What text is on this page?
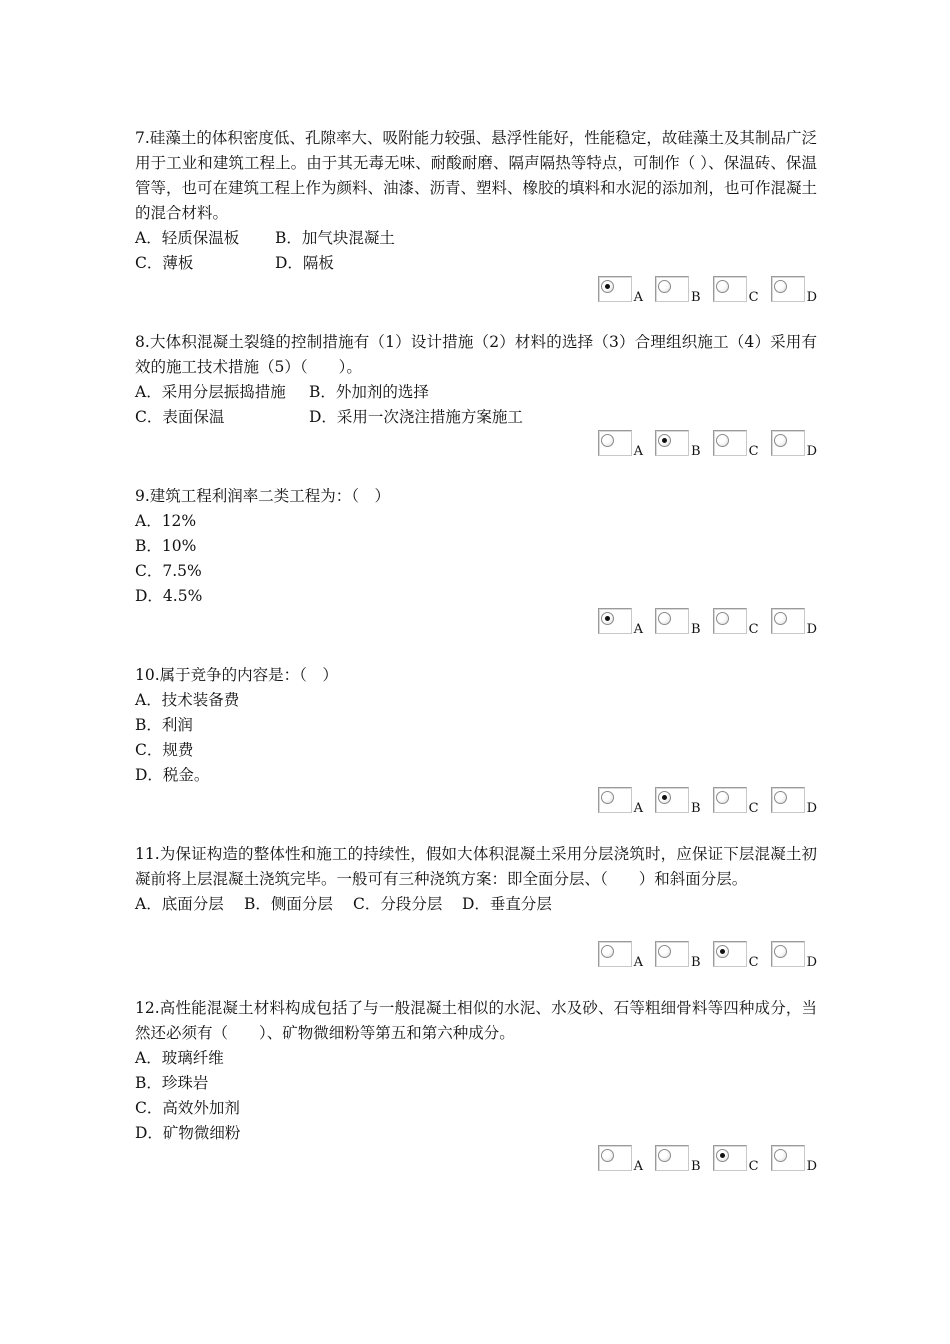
7.硅藻土的体积密度低、孔隙率大、吸附能力较强、悬浮性能好，性能稳定，故硅藻土及其制品广泛用于工业和建筑工程上。由于其无毒无味、耐酸耐磨、隔声隔热等特点，可制作（ ）、保温砖、保温管等，也可在建筑工程上作为颜料、油漆、沥青、塑料、橡胶的填料和水泥的添加剂，也可作混凝土的混合材料。

A．轻质保温板	B．加气块混凝土
C．薄板	D．隔板
A	B	C	D

8.大体积混凝土裂缝的控制措施有（1）设计措施（2）材料的选择（3）合理组织施工（4）采用有效的施工技术措施（5）（　　）。

A．采用分层振捣措施	B．外加剂的选择
C．表面保温	D．采用一次浇注措施方案施工
A	B	C	D

9.建筑工程利润率二类工程为：（　）

A．12%
B．10%
C．7.5%
D．4.5%
A	B	C	D

10.属于竞争的内容是：（　）

A．技术装备费
B．利润
C．规费
D．税金。
A	B	C	D

11.为保证构造的整体性和施工的持续性，假如大体积混凝土采用分层浇筑时，应保证下层混凝土初凝前将上层混凝土浇筑完毕。一般可有三种浇筑方案：即全面分层、（　　）和斜面分层。

A．底面分层	B．侧面分层	C．分段分层	D．垂直分层
A	B	C	D

12.高性能混凝土材料构成包括了与一般混凝土相似的水泥、水及砂、石等粗细骨料等四种成分，当然还必须有（　　）、矿物微细粉等第五和第六种成分。

A．玻璃纤维
B．珍珠岩
C．高效外加剂
D．矿物微细粉
A	B	C	D
